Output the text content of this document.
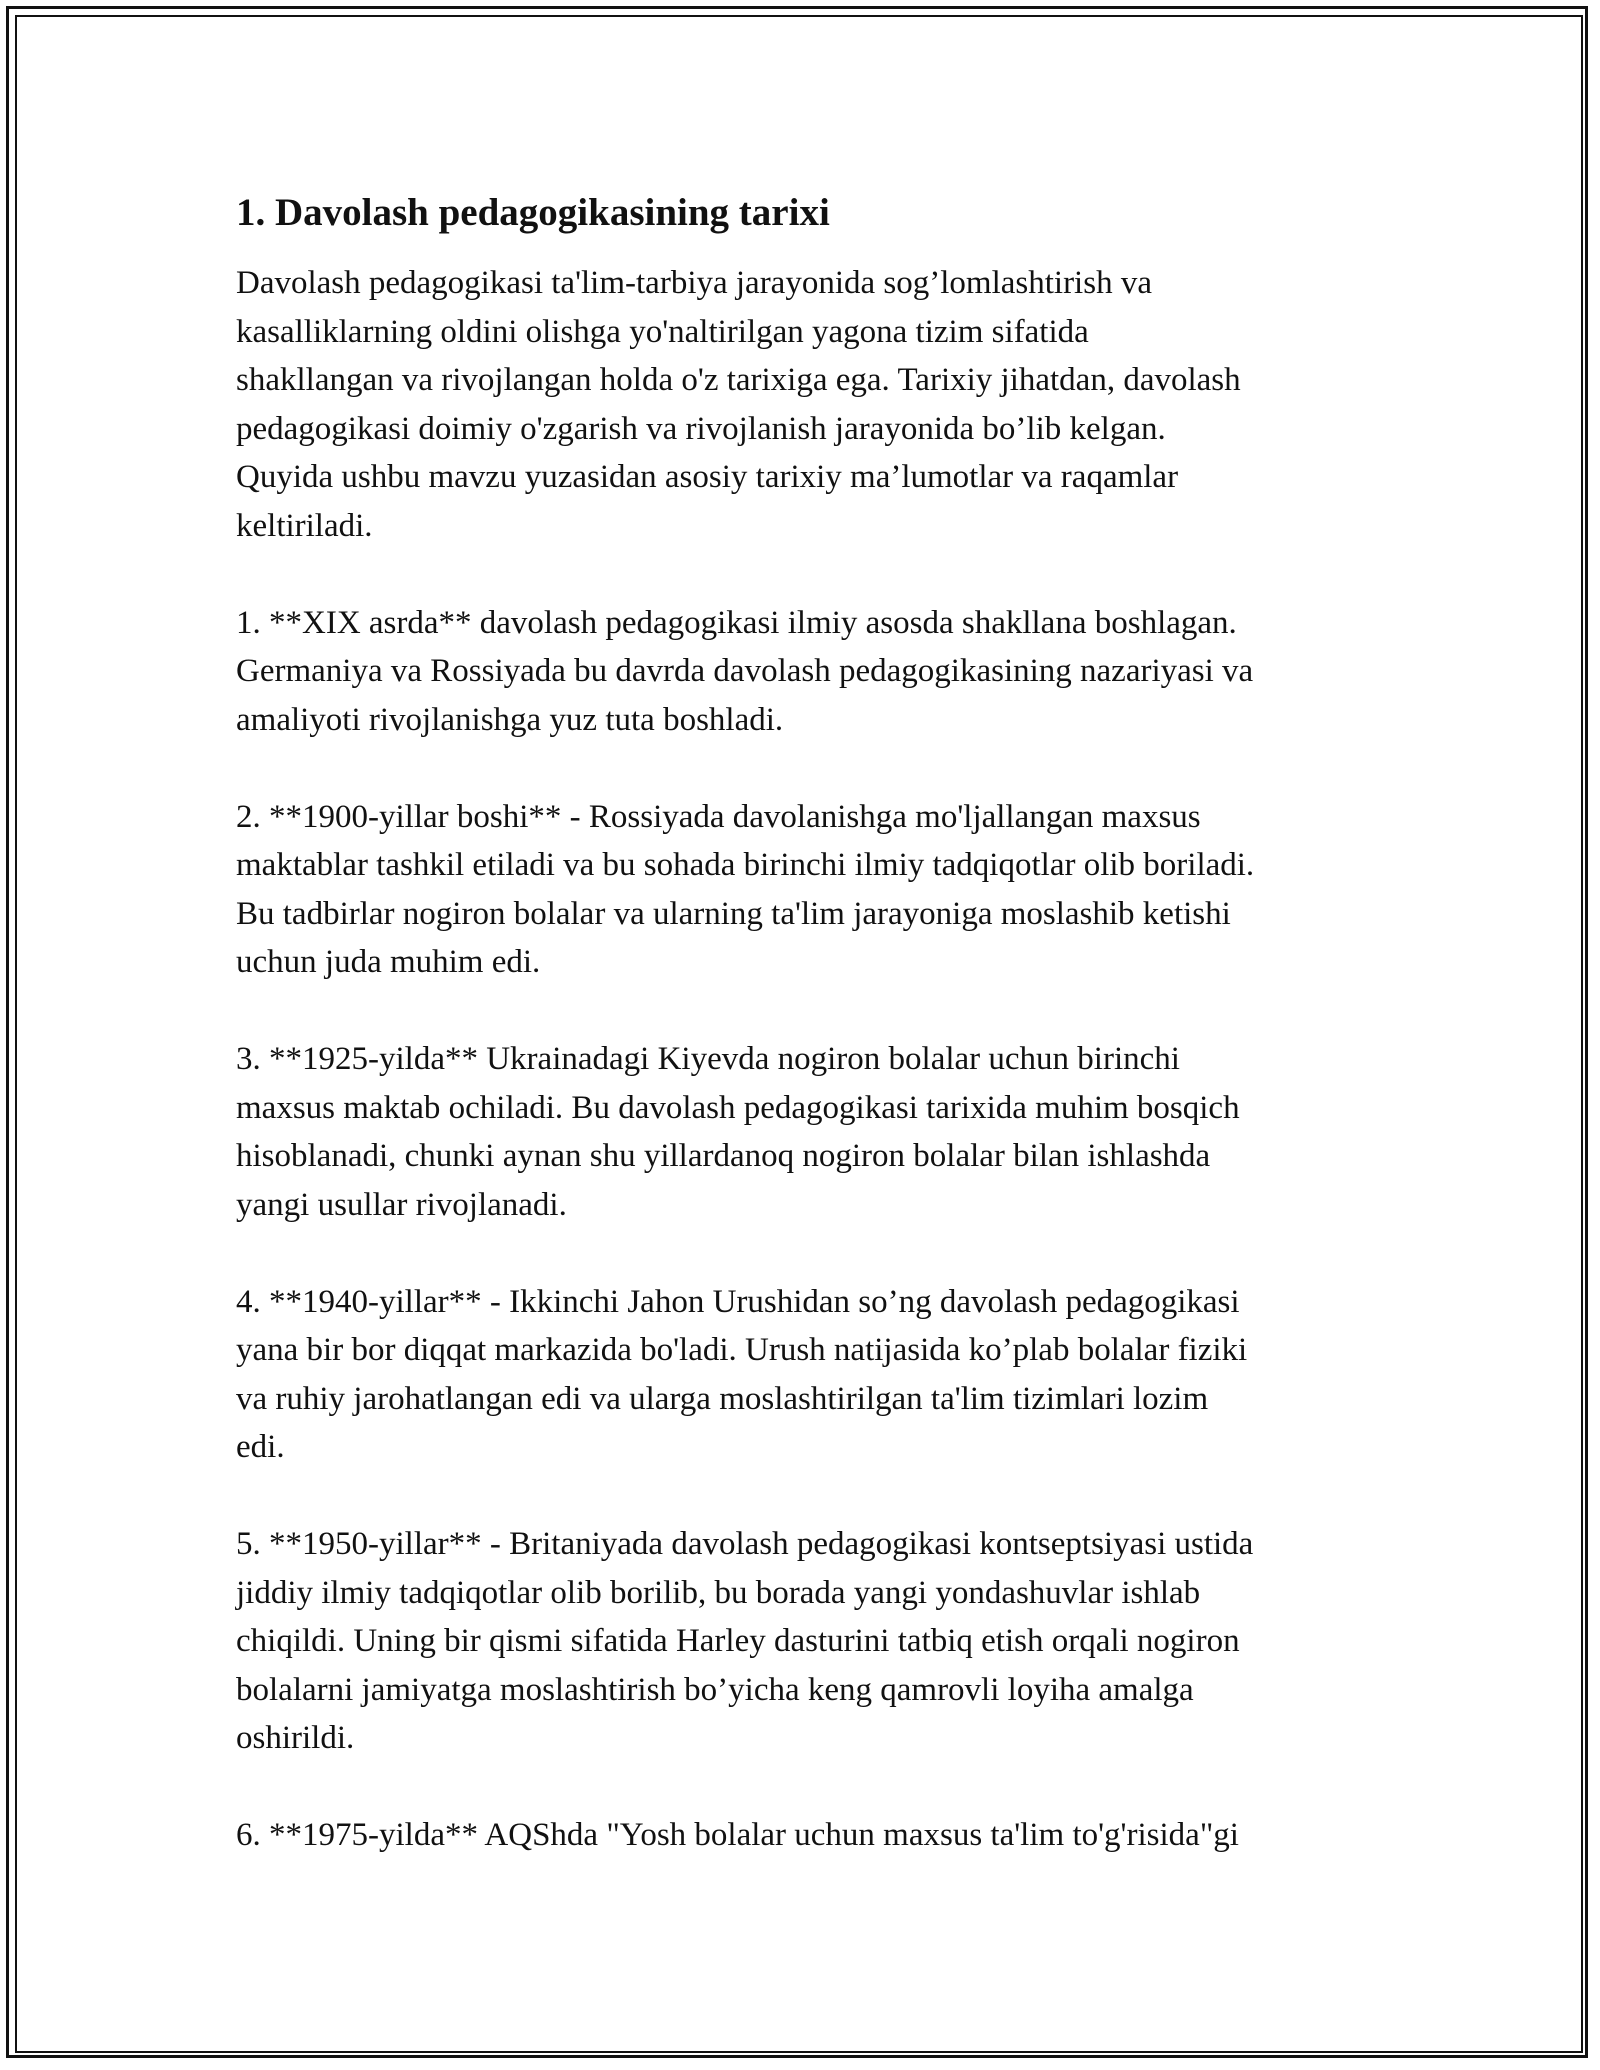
1. Davolash pedagogikasining tarixi

Davolash pedagogikasi ta'lim-tarbiya jarayonida sog’lomlashtirish va
kasalliklarning oldini olishga yo'naltirilgan yagona tizim sifatida
shakllangan va rivojlangan holda o'z tarixiga ega. Tarixiy jihatdan, davolash
pedagogikasi doimiy o'zgarish va rivojlanish jarayonida bo’lib kelgan.
Quyida ushbu mavzu yuzasidan asosiy tarixiy ma’lumotlar va raqamlar
keltiriladi.

1. **XIX asrda** davolash pedagogikasi ilmiy asosda shakllana boshlagan.
Germaniya va Rossiyada bu davrda davolash pedagogikasining nazariyasi va
amaliyoti rivojlanishga yuz tuta boshladi.

2. **1900-yillar boshi** - Rossiyada davolanishga mo'ljallangan maxsus
maktablar tashkil etiladi va bu sohada birinchi ilmiy tadqiqotlar olib boriladi.
Bu tadbirlar nogiron bolalar va ularning ta'lim jarayoniga moslashib ketishi
uchun juda muhim edi.

3. **1925-yilda** Ukrainadagi Kiyevda nogiron bolalar uchun birinchi
maxsus maktab ochiladi. Bu davolash pedagogikasi tarixida muhim bosqich
hisoblanadi, chunki aynan shu yillardanoq nogiron bolalar bilan ishlashda
yangi usullar rivojlanadi.

4. **1940-yillar** - Ikkinchi Jahon Urushidan so’ng davolash pedagogikasi
yana bir bor diqqat markazida bo'ladi. Urush natijasida ko’plab bolalar fiziki
va ruhiy jarohatlangan edi va ularga moslashtirilgan ta'lim tizimlari lozim
edi.

5. **1950-yillar** - Britaniyada davolash pedagogikasi kontseptsiyasi ustida
jiddiy ilmiy tadqiqotlar olib borilib, bu borada yangi yondashuvlar ishlab
chiqildi. Uning bir qismi sifatida Harley dasturini tatbiq etish orqali nogiron
bolalarni jamiyatga moslashtirish bo’yicha keng qamrovli loyiha amalga
oshirildi.

6. **1975-yilda** AQShda "Yosh bolalar uchun maxsus ta'lim to'g'risida"gi
